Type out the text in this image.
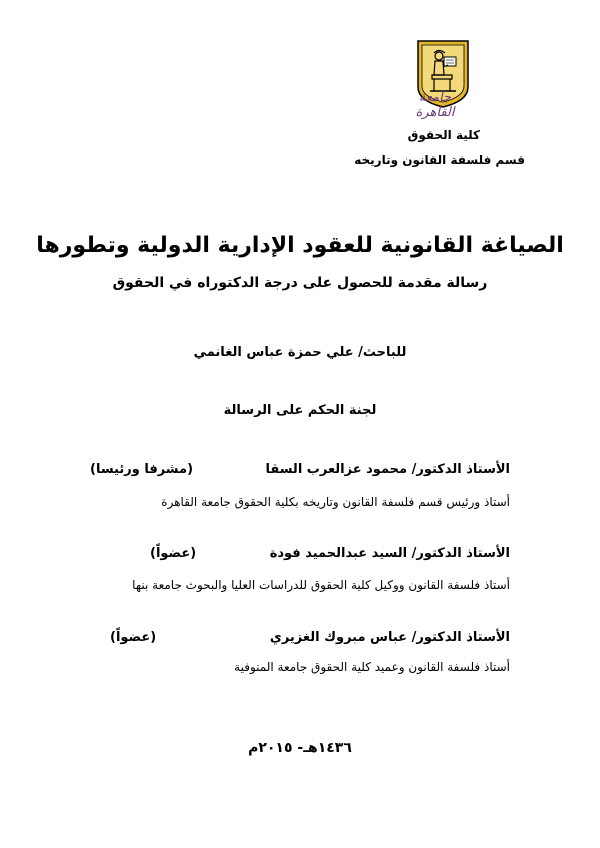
جامعة القاهرة
كلية الحقوق
قسم فلسفة القانون وتاريخه
الصياغة القانونية للعقود الإدارية الدولية وتطورها
رسالة مقدمة للحصول على درجة الدكتوراه في الحقوق
للباحث/ علي حمزة عباس الغانمي
لجنة الحكم على الرسالة
الأستاذ الدكتور/ محمود عزالعرب السقا
(مشرفا ورئيسا)
أستاذ ورئيس قسم فلسفة القانون وتاريخه بكلية الحقوق جامعة القاهرة
الأستاذ الدكتور/ السيد عبدالحميد فودة
(عضواً)
أستاذ فلسفة القانون ووكيل كلية الحقوق للدراسات العليا والبحوث جامعة بنها
الأستاذ الدكتور/ عباس مبروك الغزيري
(عضواً)
أستاذ فلسفة القانون وعميد كلية الحقوق جامعة المنوفية
١٤٣٦هـ- ٢٠١٥م
